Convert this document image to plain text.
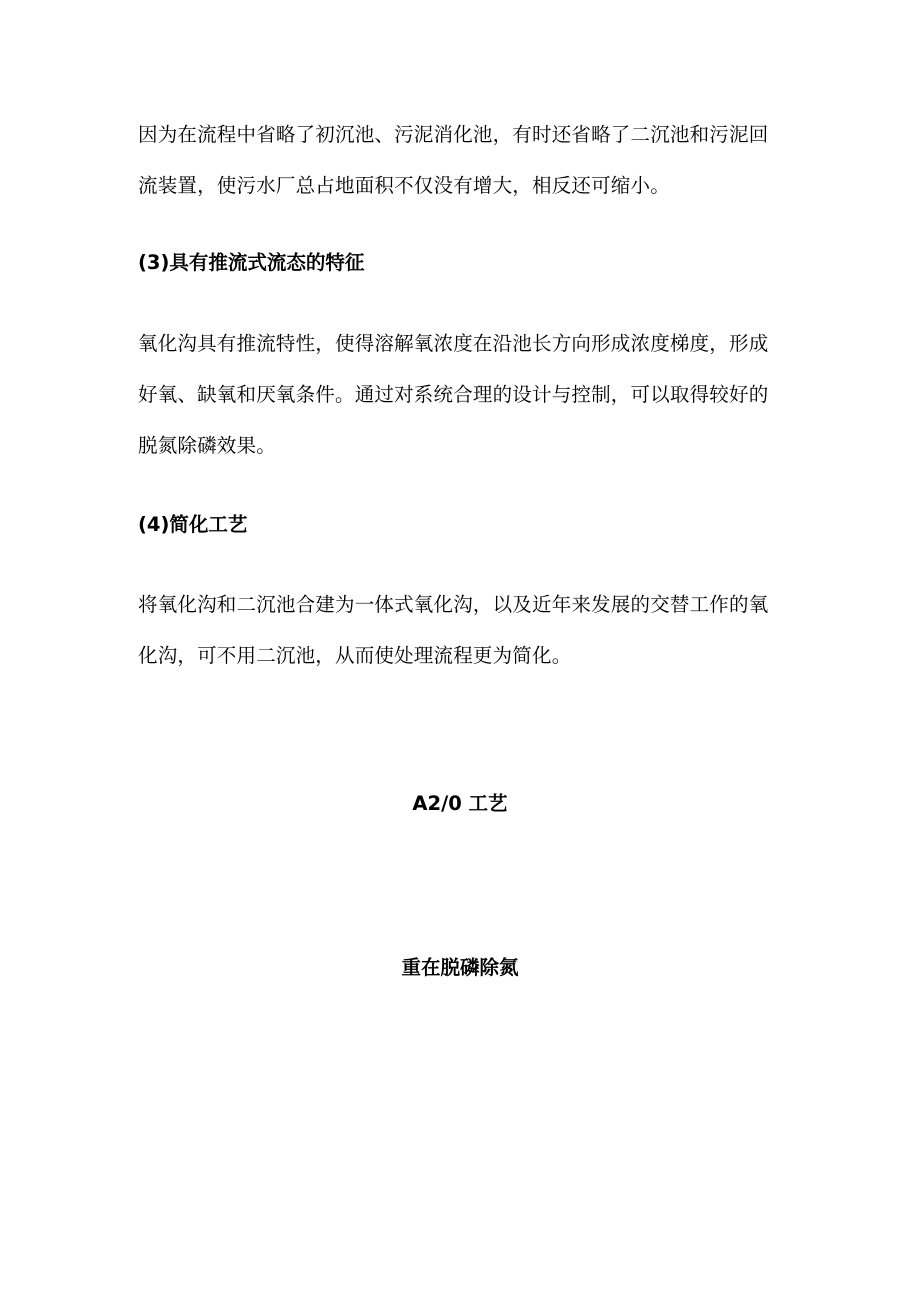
因为在流程中省略了初沉池、污泥消化池，有时还省略了二沉池和污泥回流装置，使污水厂总占地面积不仅没有增大，相反还可缩小。

(3)具有推流式流态的特征

氧化沟具有推流特性，使得溶解氧浓度在沿池长方向形成浓度梯度，形成好氧、缺氧和厌氧条件。通过对系统合理的设计与控制，可以取得较好的脱氮除磷效果。

(4)简化工艺

将氧化沟和二沉池合建为一体式氧化沟，以及近年来发展的交替工作的氧化沟，可不用二沉池，从而使处理流程更为简化。

A2/0 工艺
重在脱磷除氮
